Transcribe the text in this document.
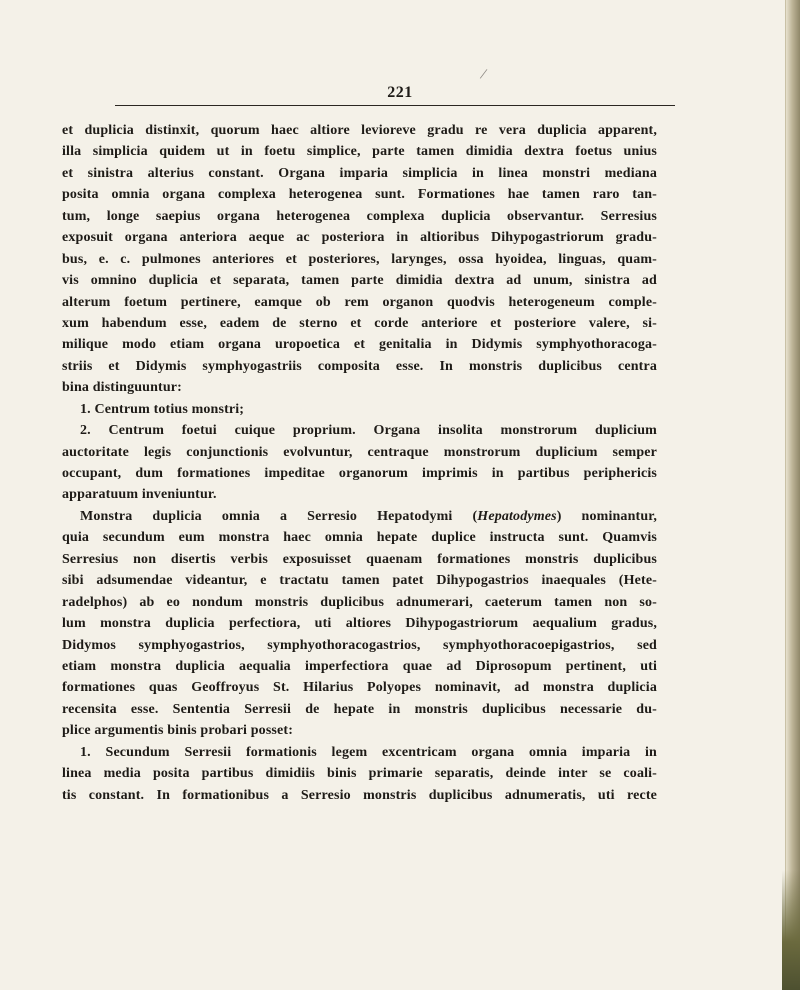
/
221
et duplicia distinxit, quorum haec altiore levioreve gradu re vera duplicia apparent,
illa simplicia quidem ut in foetu simplice, parte tamen dimidia dextra foetus unius
et sinistra alterius constant. Organa imparia simplicia in linea monstri mediana
posita omnia organa complexa heterogenea sunt. Formationes hae tamen raro tan-
tum, longe saepius organa heterogenea complexa duplicia observantur. Serresius
exposuit organa anteriora aeque ac posteriora in altioribus Dihypogastriorum gradu-
bus, e. c. pulmones anteriores et posteriores, larynges, ossa hyoidea, linguas, quam-
vis omnino duplicia et separata, tamen parte dimidia dextra ad unum, sinistra ad
alterum foetum pertinere, eamque ob rem organon quodvis heterogeneum comple-
xum habendum esse, eadem de sterno et corde anteriore et posteriore valere, si-
milique modo etiam organa uropoetica et genitalia in Didymis symphyothoracoga-
striis et Didymis symphyogastriis composita esse. In monstris duplicibus centra
bina distinguuntur:
1. Centrum totius monstri;
2. Centrum foetui cuique proprium. Organa insolita monstrorum duplicium
auctoritate legis conjunctionis evolvuntur, centraque monstrorum duplicium semper
occupant, dum formationes impeditae organorum imprimis in partibus periphericis
apparatuum inveniuntur.
Monstra duplicia omnia a Serresio Hepatodymi (Hepatodymes) nominantur,
quia secundum eum monstra haec omnia hepate duplice instructa sunt. Quamvis
Serresius non disertis verbis exposuisset quaenam formationes monstris duplicibus
sibi adsumendae videantur, e tractatu tamen patet Dihypogastrios inaequales (Hete-
radelphos) ab eo nondum monstris duplicibus adnumerari, caeterum tamen non so-
lum monstra duplicia perfectiora, uti altiores Dihypogastriorum aequalium gradus,
Didymos symphyogastrios, symphyothoracogastrios, symphyothoracoepigastrios, sed
etiam monstra duplicia aequalia imperfectiora quae ad Diprosopum pertinent, uti
formationes quas Geoffroyus St. Hilarius Polyopes nominavit, ad monstra duplicia
recensita esse. Sententia Serresii de hepate in monstris duplicibus necessarie du-
plice argumentis binis probari posset:
1. Secundum Serresii formationis legem excentricam organa omnia imparia in
linea media posita partibus dimidiis binis primarie separatis, deinde inter se coali-
tis constant. In formationibus a Serresio monstris duplicibus adnumeratis, uti recte
